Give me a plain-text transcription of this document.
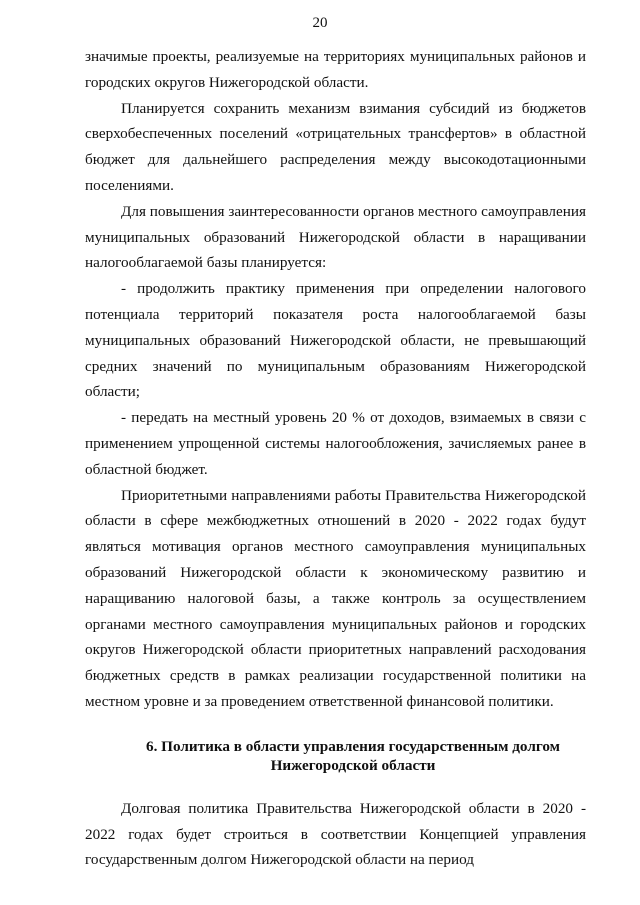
20

значимые проекты, реализуемые на территориях муниципальных районов и городских округов Нижегородской области.

Планируется сохранить механизм взимания субсидий из бюджетов сверхобеспеченных поселений «отрицательных трансфертов» в областной бюджет для дальнейшего распределения между высокодотационными поселениями.

Для повышения заинтересованности органов местного самоуправления муниципальных образований Нижегородской области в наращивании налогооблагаемой базы планируется:

- продолжить практику применения при определении налогового потенциала территорий показателя роста налогооблагаемой базы муниципальных образований Нижегородской области, не превышающий средних значений по муниципальным образованиям Нижегородской области;

- передать на местный уровень 20 % от доходов, взимаемых в связи с применением упрощенной системы налогообложения, зачисляемых ранее в областной бюджет.

Приоритетными направлениями работы Правительства Нижегородской области в сфере межбюджетных отношений в 2020 - 2022 годах будут являться мотивация органов местного самоуправления муниципальных образований Нижегородской области к экономическому развитию и наращиванию налоговой базы, а также контроль за осуществлением органами местного самоуправления муниципальных районов и городских округов Нижегородской области приоритетных направлений расходования бюджетных средств в рамках реализации государственной политики на местном уровне и за проведением ответственной финансовой политики.

6. Политика в области управления государственным долгом
Нижегородской области

Долговая политика Правительства Нижегородской области в 2020 - 2022 годах будет строиться в соответствии Концепцией управления государственным долгом Нижегородской области на период
